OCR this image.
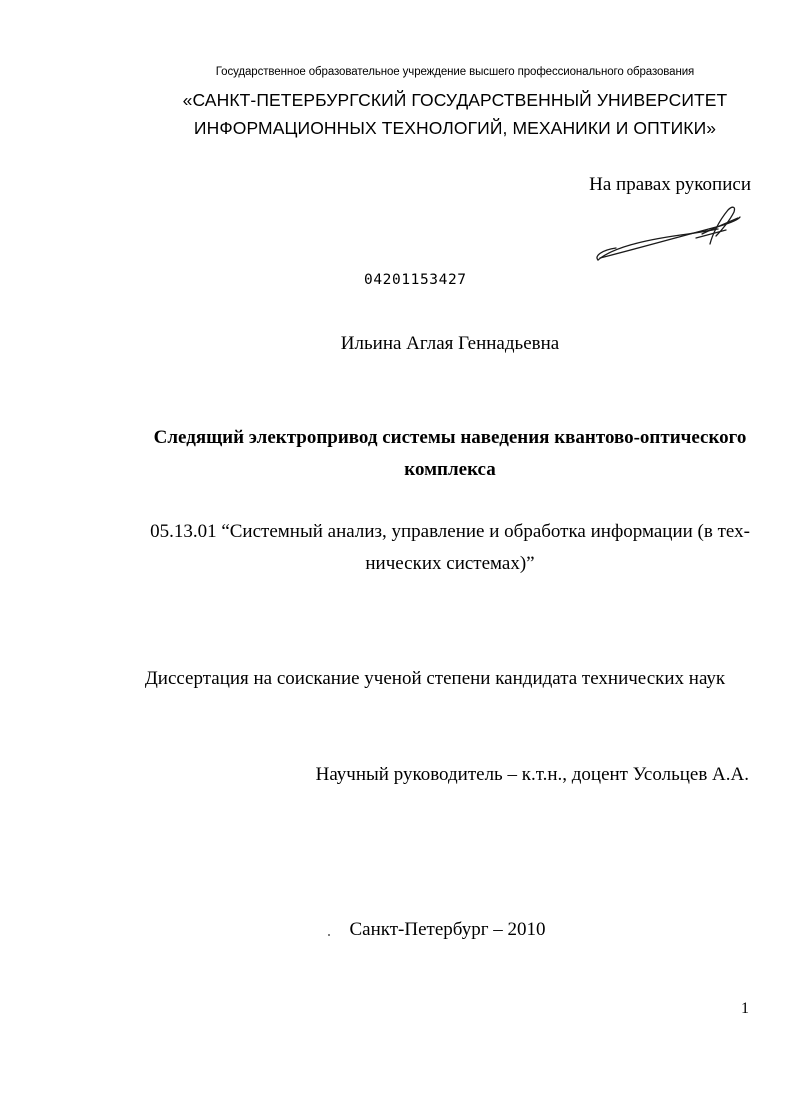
Государственное образовательное учреждение высшего профессионального образования
«САНКТ-ПЕТЕРБУРГСКИЙ ГОСУДАРСТВЕННЫЙ УНИВЕРСИТЕТ
ИНФОРМАЦИОННЫХ ТЕХНОЛОГИЙ, МЕХАНИКИ И ОПТИКИ»
На правах рукописи
04201153427
Ильина Аглая Геннадьевна
Следящий электропривод системы наведения квантово-оптического
комплекса
05.13.01 “Системный анализ, управление и обработка информации (в тех-
нических системах)”
Диссертация на соискание ученой степени кандидата технических наук
Научный руководитель – к.т.н., доцент Усольцев А.А.
Санкт-Петербург – 2010
1
